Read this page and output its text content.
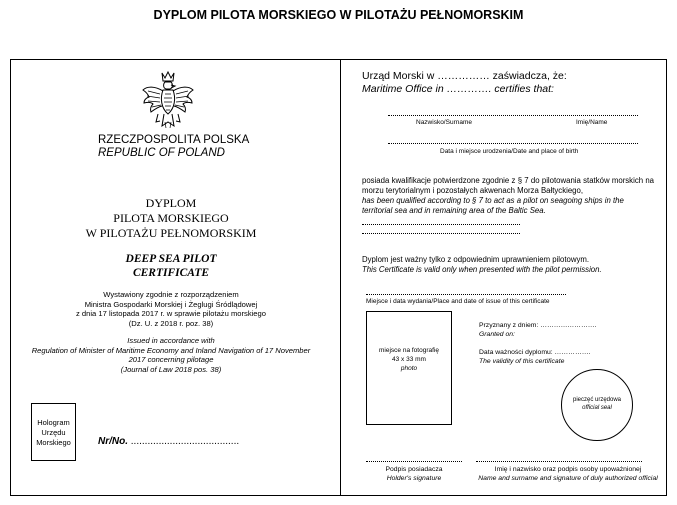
DYPLOM PILOTA MORSKIEGO W PILOTAŻU PEŁNOMORSKIM
RZECZPOSPOLITA POLSKA
REPUBLIC OF POLAND
DYPLOM
PILOTA MORSKIEGO
W PILOTAŻU PEŁNOMORSKIM
DEEP SEA PILOT
CERTIFICATE
Wystawiony zgodnie z rozporządzeniem
Ministra Gospodarki Morskiej i Żeglugi Śródlądowej
z dnia 17 listopada 2017 r. w sprawie pilotażu morskiego
(Dz. U. z 2018 r. poz. 38)
Issued in accordance with
Regulation of Minister of Maritime Economy and Inland Navigation of 17 November
2017 concerning pilotage
(Journal of Law 2018 pos. 38)
Hologram
Urzędu
Morskiego	Nr/No. .......................................
Urząd Morski w …………… zaświadcza, że:
Maritime Office in …………. certifies that:
Nazwisko/Surname	Imię/Name
Data i miejsce urodzenia/Date and place of birth
posiada kwalifikacje potwierdzone zgodnie z § 7 do pilotowania statków morskich na morzu terytorialnym i pozostałych akwenach Morza Bałtyckiego,
has been qualified according to § 7 to act as a pilot on seagoing ships in the territorial sea and in remaining area of the Baltic Sea.
Dyplom jest ważny tylko z odpowiednim uprawnieniem pilotowym.
This Certificate is valid only when presented with the pilot permission.
Miejsce i data wydania/Place and date of issue of this certificate
miejsce na fotografię
43 x 33 mm
photo
Przyznany z dniem: …………………….
Granted on:
Data ważności dyplomu: …………….
The validity of this certificate
pieczęć urzędowa
official seal
Podpis posiadacza
Holder's signature
Imię i nazwisko oraz podpis osoby upoważnionej
Name and surname and signature of duly authorized official
